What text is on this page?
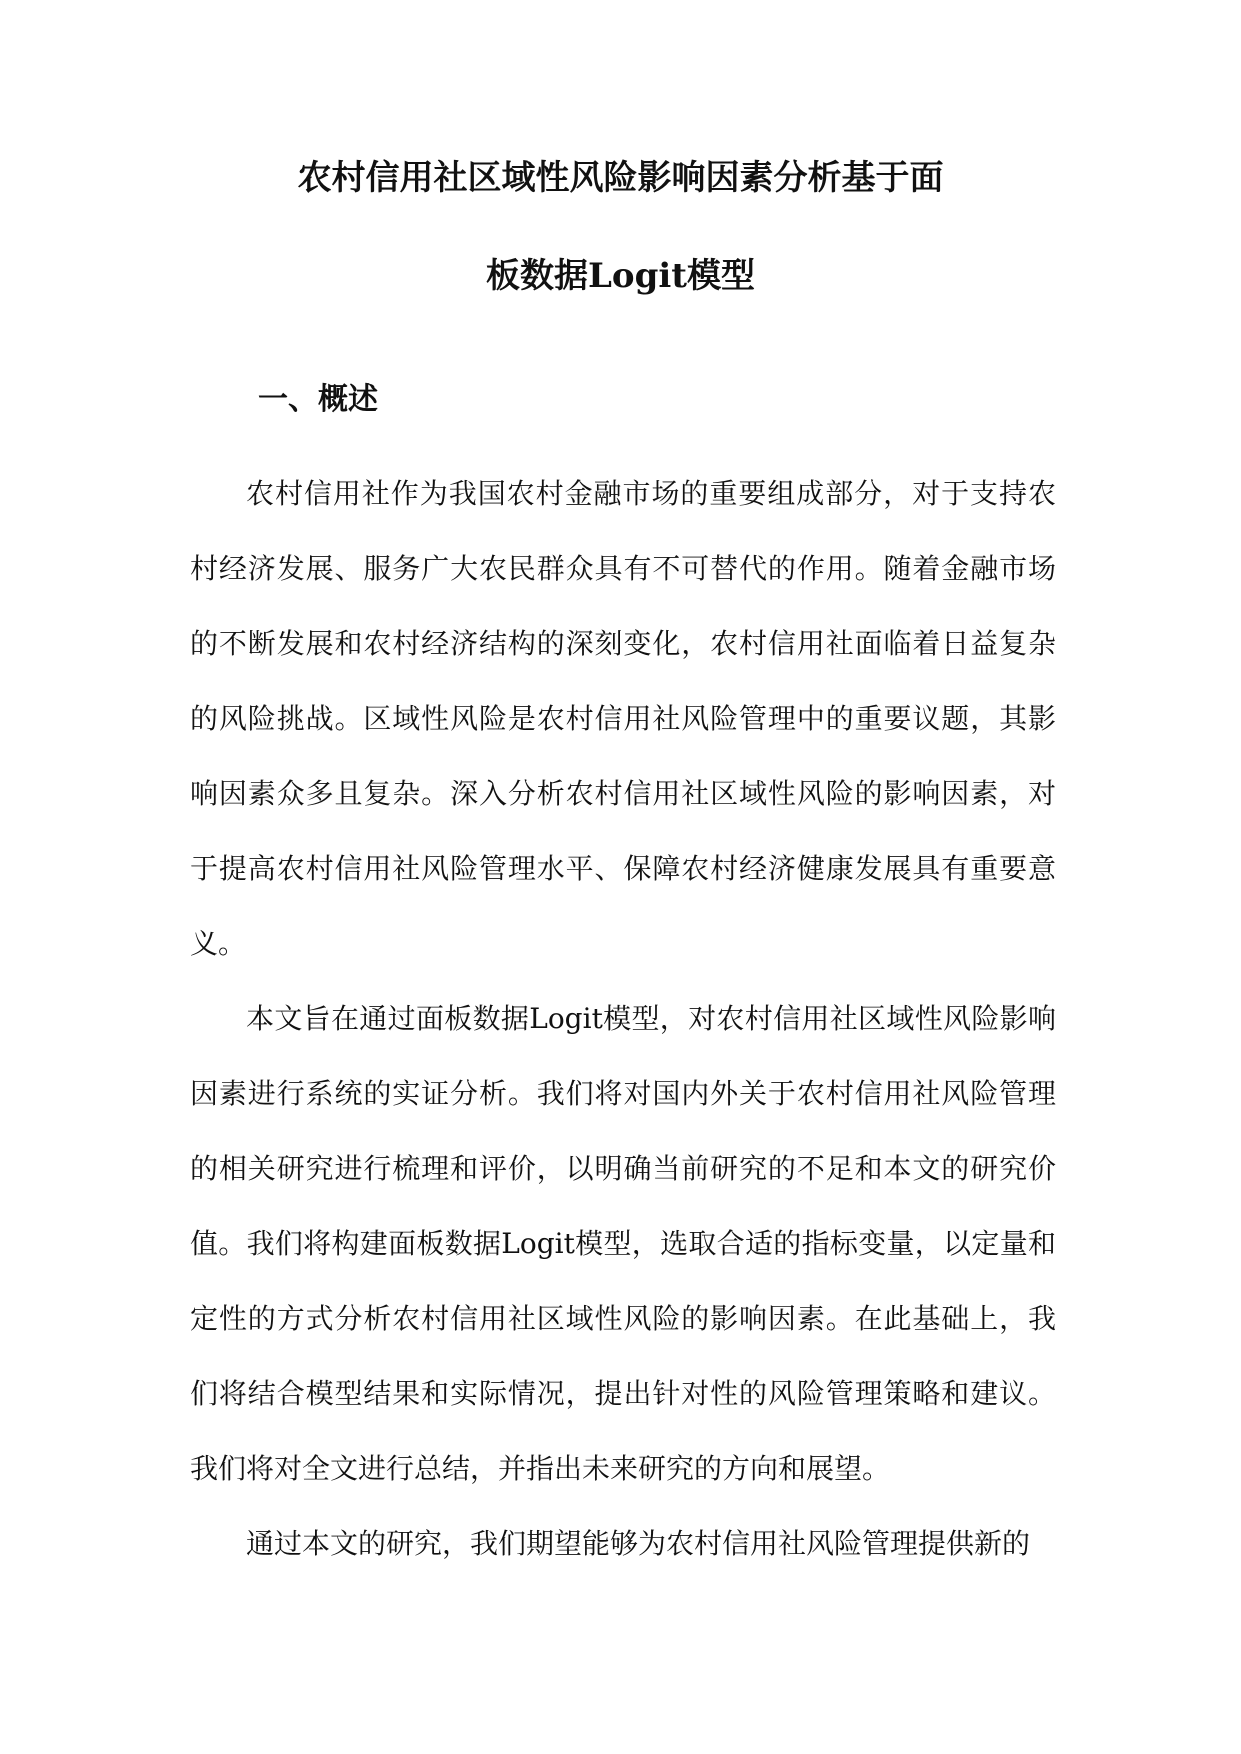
农村信用社区域性风险影响因素分析基于面
板数据Logit模型
一、概述

农村信用社作为我国农村金融市场的重要组成部分，对于支持农村经济发展、服务广大农民群众具有不可替代的作用。随着金融市场的不断发展和农村经济结构的深刻变化，农村信用社面临着日益复杂的风险挑战。区域性风险是农村信用社风险管理中的重要议题，其影响因素众多且复杂。深入分析农村信用社区域性风险的影响因素，对于提高农村信用社风险管理水平、保障农村经济健康发展具有重要意义。

本文旨在通过面板数据Logit模型，对农村信用社区域性风险影响因素进行系统的实证分析。我们将对国内外关于农村信用社风险管理的相关研究进行梳理和评价，以明确当前研究的不足和本文的研究价值。我们将构建面板数据Logit模型，选取合适的指标变量，以定量和定性的方式分析农村信用社区域性风险的影响因素。在此基础上，我们将结合模型结果和实际情况，提出针对性的风险管理策略和建议。我们将对全文进行总结，并指出未来研究的方向和展望。

通过本文的研究，我们期望能够为农村信用社风险管理提供新的
